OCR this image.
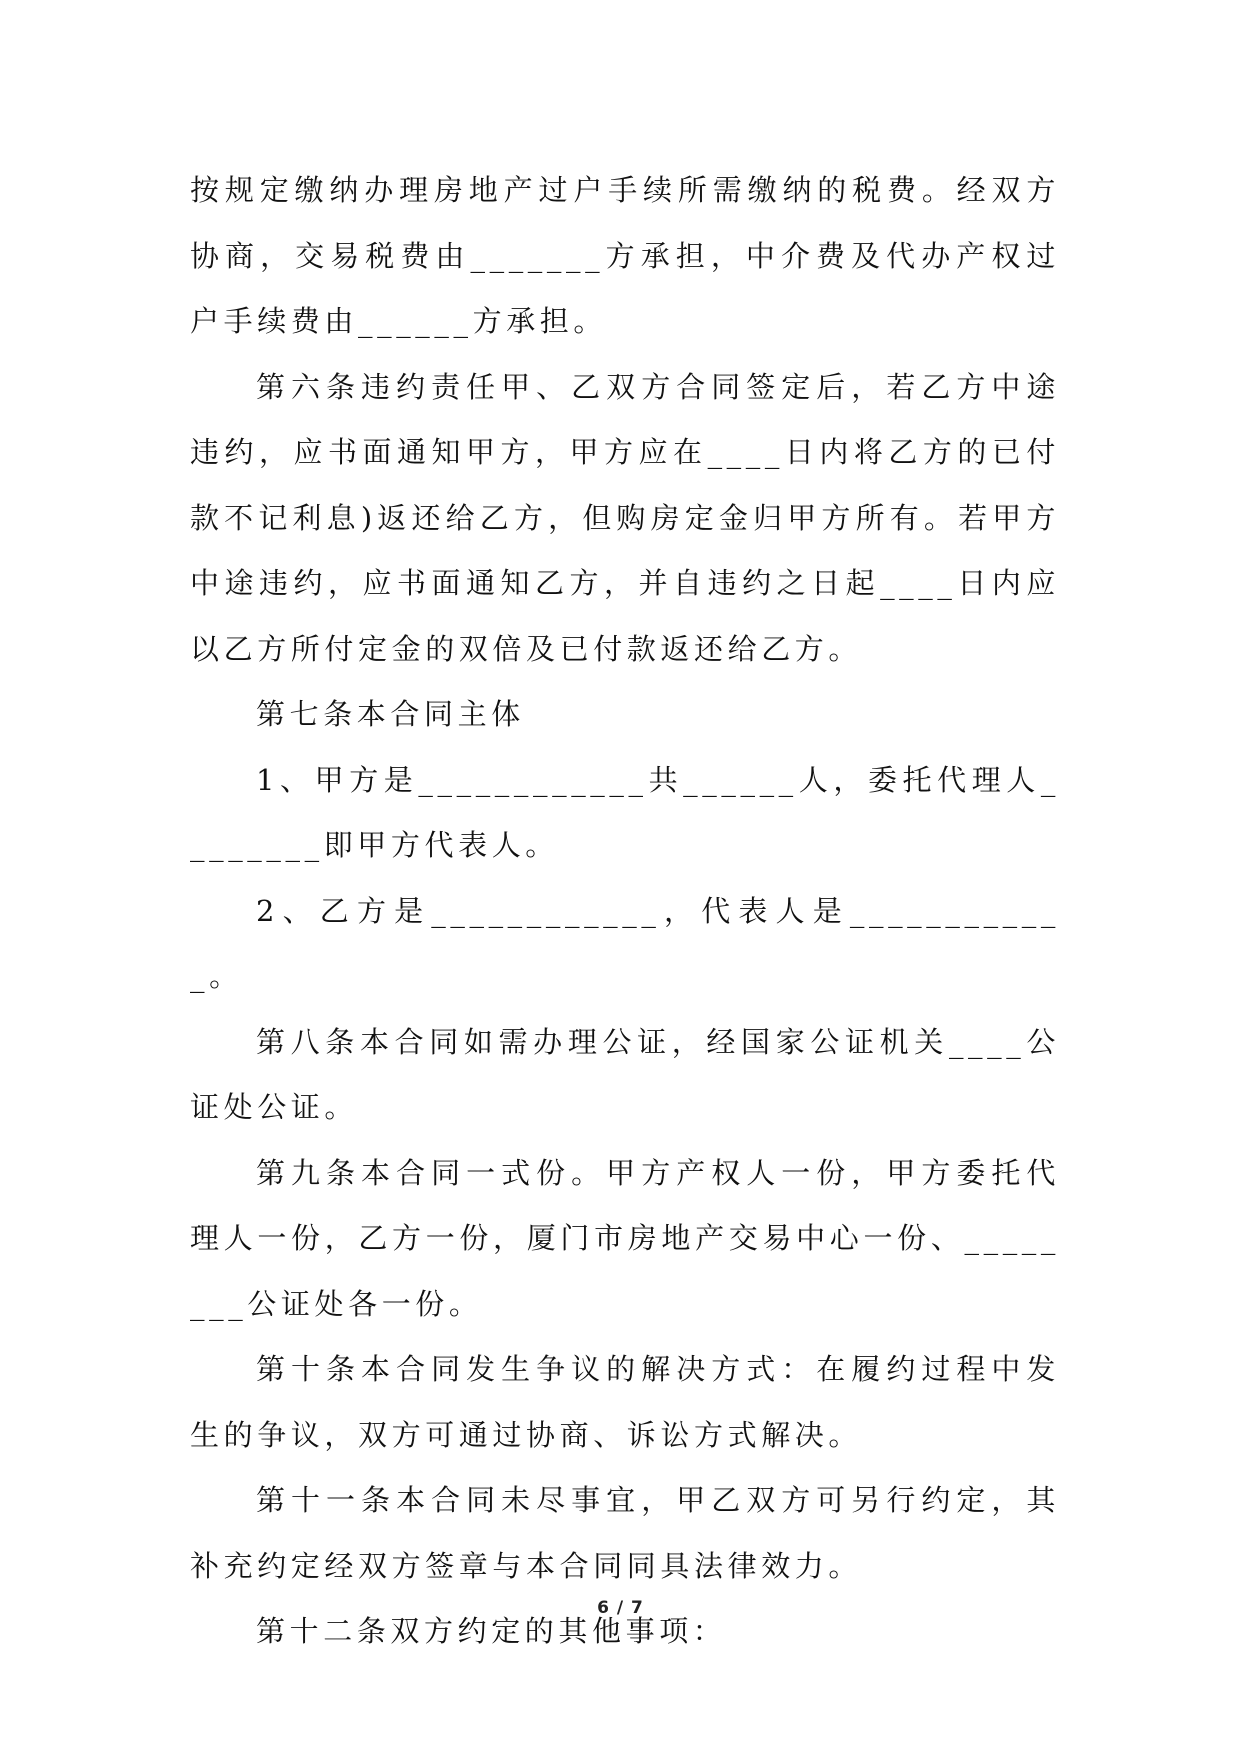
按规定缴纳办理房地产过户手续所需缴纳的税费。经双方协商，交易税费由_______方承担，中介费及代办产权过户手续费由______方承担。

第六条违约责任甲、乙双方合同签定后，若乙方中途违约，应书面通知甲方，甲方应在____日内将乙方的已付款不记利息)返还给乙方，但购房定金归甲方所有。若甲方中途违约，应书面通知乙方，并自违约之日起____日内应以乙方所付定金的双倍及已付款返还给乙方。

第七条本合同主体

1、甲方是____________共______人，委托代理人________即甲方代表人。

2、乙方是____________，代表人是____________。

第八条本合同如需办理公证，经国家公证机关____公证处公证。

第九条本合同一式份。甲方产权人一份，甲方委托代理人一份，乙方一份，厦门市房地产交易中心一份、________公证处各一份。

第十条本合同发生争议的解决方式：在履约过程中发生的争议，双方可通过协商、诉讼方式解决。

第十一条本合同未尽事宜，甲乙双方可另行约定，其补充约定经双方签章与本合同同具法律效力。

第十二条双方约定的其他事项：

6 / 7
